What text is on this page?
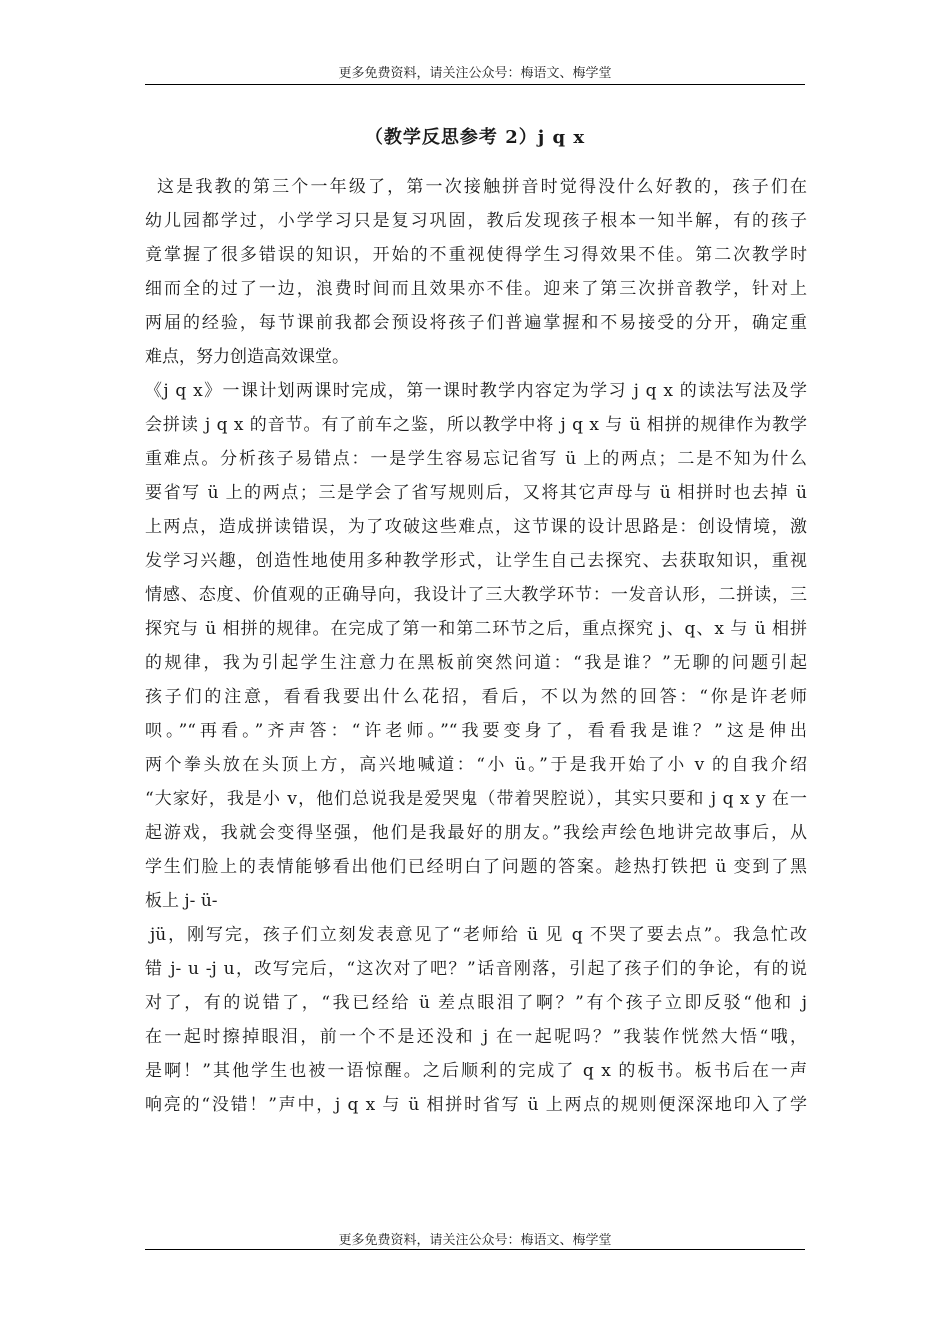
更多免费资料，请关注公众号：梅语文、梅学堂
（教学反思参考 2）j q x
这是我教的第三个一年级了，第一次接触拼音时觉得没什么好教的，孩子们在
幼儿园都学过，小学学习只是复习巩固，教后发现孩子根本一知半解，有的孩子
竟掌握了很多错误的知识，开始的不重视使得学生习得效果不佳。第二次教学时
细而全的过了一边，浪费时间而且效果亦不佳。迎来了第三次拼音教学，针对上
两届的经验，每节课前我都会预设将孩子们普遍掌握和不易接受的分开，确定重
难点，努力创造高效课堂。
《j q x》一课计划两课时完成，第一课时教学内容定为学习 j q x 的读法写法及学
会拼读 j q x 的音节。有了前车之鉴，所以教学中将 j q x 与 ü 相拼的规律作为教学
重难点。分析孩子易错点：一是学生容易忘记省写 ü 上的两点；二是不知为什么
要省写 ü 上的两点；三是学会了省写规则后，又将其它声母与 ü 相拼时也去掉 ü
上两点，造成拼读错误，为了攻破这些难点，这节课的设计思路是：创设情境，激
发学习兴趣，创造性地使用多种教学形式，让学生自己去探究、去获取知识，重视
情感、态度、价值观的正确导向，我设计了三大教学环节：一发音认形，二拼读，三
探究与 ü 相拼的规律。在完成了第一和第二环节之后，重点探究 j、q、x 与 ü 相拼
的规律，我为引起学生注意力在黑板前突然问道：“我是谁？”无聊的问题引起
孩子们的注意，看看我要出什么花招，看后，不以为然的回答：“你是许老师
呗。”“再看。”齐声答：“许老师。”“我要变身了，看看我是谁？”这是伸出
两个拳头放在头顶上方，高兴地喊道：“小 ü。”于是我开始了小 v 的自我介绍
“大家好，我是小 v，他们总说我是爱哭鬼（带着哭腔说），其实只要和 j q x y 在一
起游戏，我就会变得坚强，他们是我最好的朋友。”我绘声绘色地讲完故事后，从
学生们脸上的表情能够看出他们已经明白了问题的答案。趁热打铁把 ü 变到了黑
板上 j- ü-
jü，刚写完，孩子们立刻发表意见了“老师给 ü 见 q 不哭了要去点”。我急忙改
错 j- u -j u，改写完后，“这次对了吧？”话音刚落，引起了孩子们的争论，有的说
对了，有的说错了，“我已经给 ü 差点眼泪了啊？”有个孩子立即反驳“他和 j
在一起时擦掉眼泪，前一个不是还没和 j 在一起呢吗？”我装作恍然大悟“哦，
是啊！”其他学生也被一语惊醒。之后顺利的完成了 q x 的板书。板书后在一声
响亮的“没错！”声中，j q x 与 ü 相拼时省写 ü 上两点的规则便深深地印入了学
更多免费资料，请关注公众号：梅语文、梅学堂
